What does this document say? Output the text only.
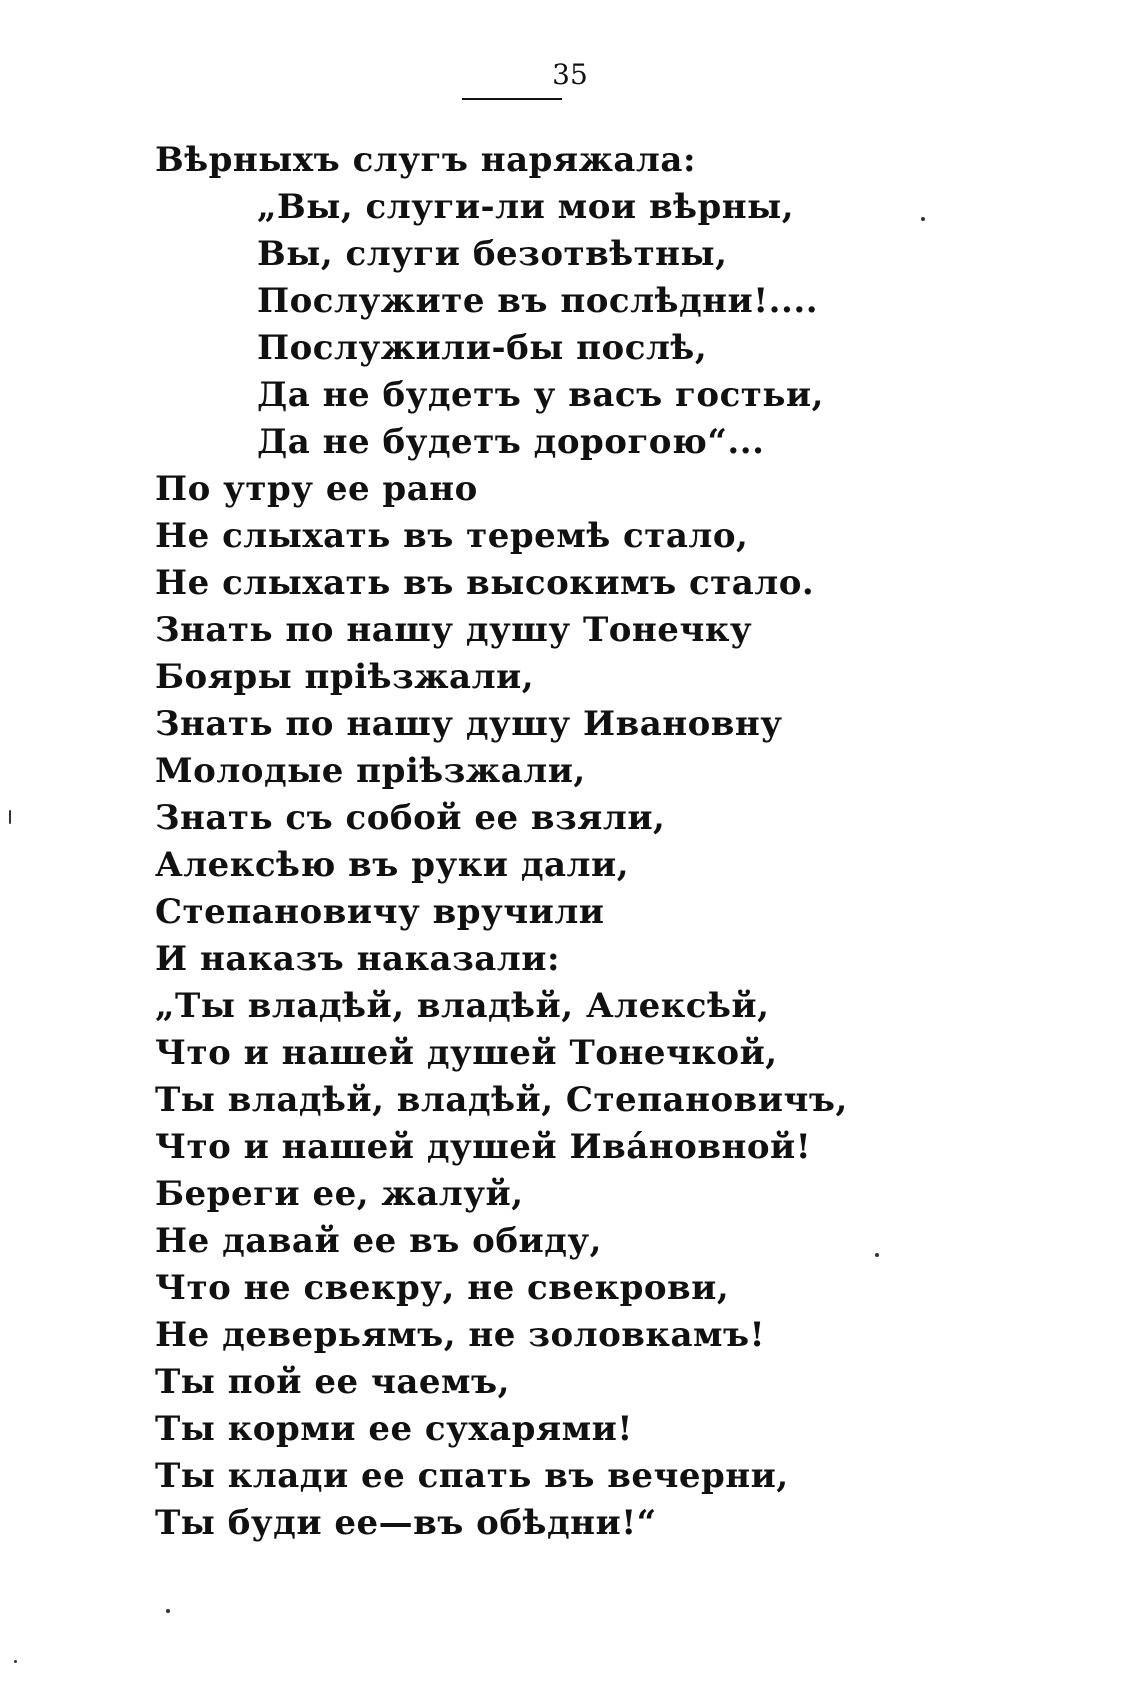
35
Вѣрныхъ слугъ наряжала:
„Вы, слуги-ли мои вѣрны,
Вы, слуги безотвѣтны,
Послужите въ послѣдни!....
Послужили-бы послѣ,
Да не будетъ у васъ гостьи,
Да не будетъ дорогою“...
По утру ее рано
Не слыхать въ теремѣ стало,
Не слыхать въ высокимъ стало.
Знать по нашу душу Тонечку
Бояры прiѣзжали,
Знать по нашу душу Ивановну
Молодые прiѣзжали,
Знать съ собой ее взяли,
Алексѣю въ руки дали,
Степановичу вручили
И наказъ наказали:
„Ты владѣй, владѣй, Алексѣй,
Что и нашей душей Тонечкой,
Ты владѣй, владѣй, Степановичъ,
Что и нашей душей Ивáновной!
Береги ее, жалуй,
Не давай ее въ обиду,
Что не свекру, не свекрови,
Не деверьямъ, не золовкамъ!
Ты пой ее чаемъ,
Ты корми ее сухарями!
Ты клади ее спать въ вечерни,
Ты буди ее—въ обѣдни!“
